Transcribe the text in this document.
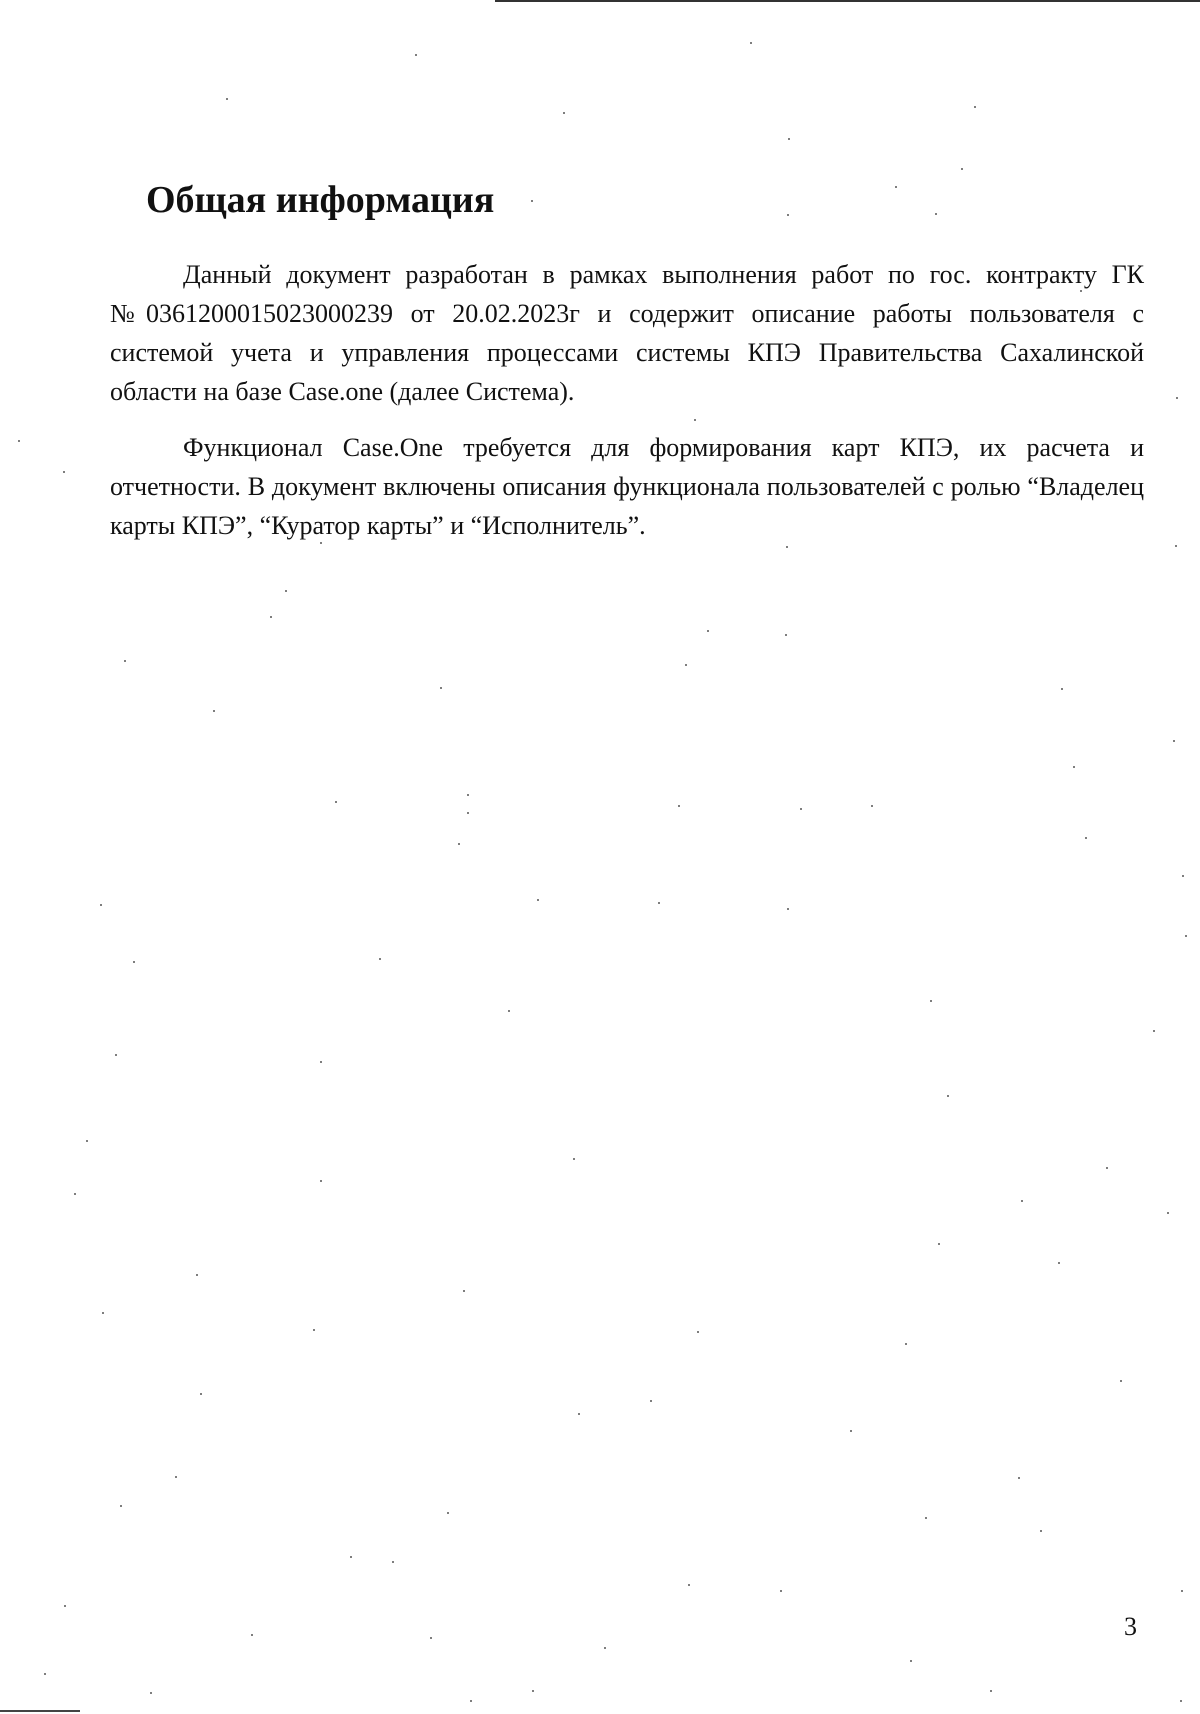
Общая информация

Данный документ разработан в рамках выполнения работ по гос. контракту ГК №0361200015023000239 от 20.02.2023г и содержит описание работы пользователя с системой учета и управления процессами системы КПЭ Правительства Сахалинской области на базе Case.one (далее Система).

Функционал Case.One требуется для формирования карт КПЭ, их расчета и отчетности. В документ включены описания функционала пользователей с ролью “Владелец карты КПЭ”, “Куратор карты” и “Исполнитель”.

3
